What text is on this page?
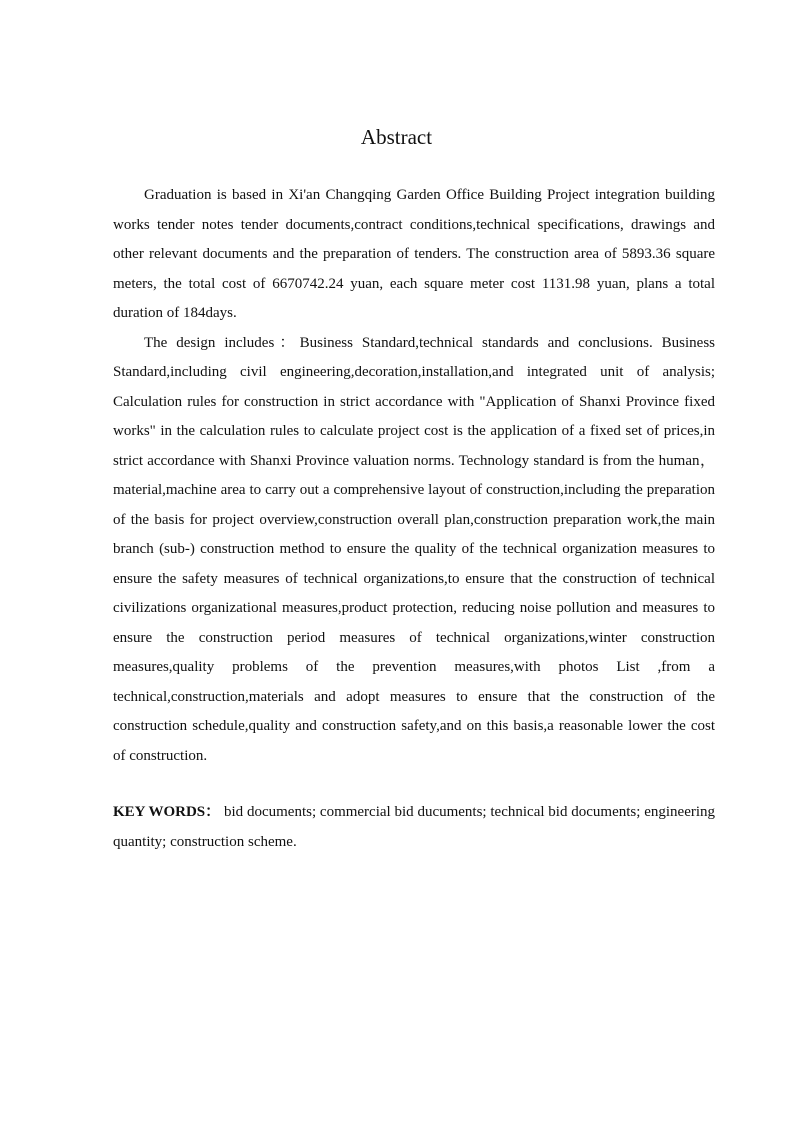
Abstract

Graduation is based in Xi'an Changqing Garden Office Building Project integration building works tender notes tender documents,contract conditions,technical specifications, drawings and other relevant documents and the preparation of tenders. The construction area of 5893.36 square meters, the total cost of 6670742.24 yuan, each square meter cost 1131.98 yuan, plans a total duration of 184days.

The design includes：Business Standard,technical standards and conclusions. Business Standard,including civil engineering,decoration,installation,and integrated unit of analysis; Calculation rules for construction in strict accordance with "Application of Shanxi Province fixed works" in the calculation rules to calculate project cost is the application of a fixed set of prices,in strict accordance with Shanxi Province valuation norms. Technology standard is from the human， material,machine area to carry out a comprehensive layout of construction,including the preparation of the basis for project overview,construction overall plan,construction preparation work,the main branch (sub-) construction method to ensure the quality of the technical organization measures to ensure the safety measures of technical organizations,to ensure that the construction of technical civilizations organizational measures,product protection, reducing noise pollution and measures to ensure the construction period measures of technical organizations,winter construction measures,quality problems of the prevention measures,with photos List ,from a technical,construction,materials and adopt measures to ensure that the construction of the construction schedule,quality and construction safety,and on this basis,a reasonable lower the cost of construction.

KEY WORDS： bid documents; commercial bid ducuments; technical bid documents; engineering quantity; construction scheme.
